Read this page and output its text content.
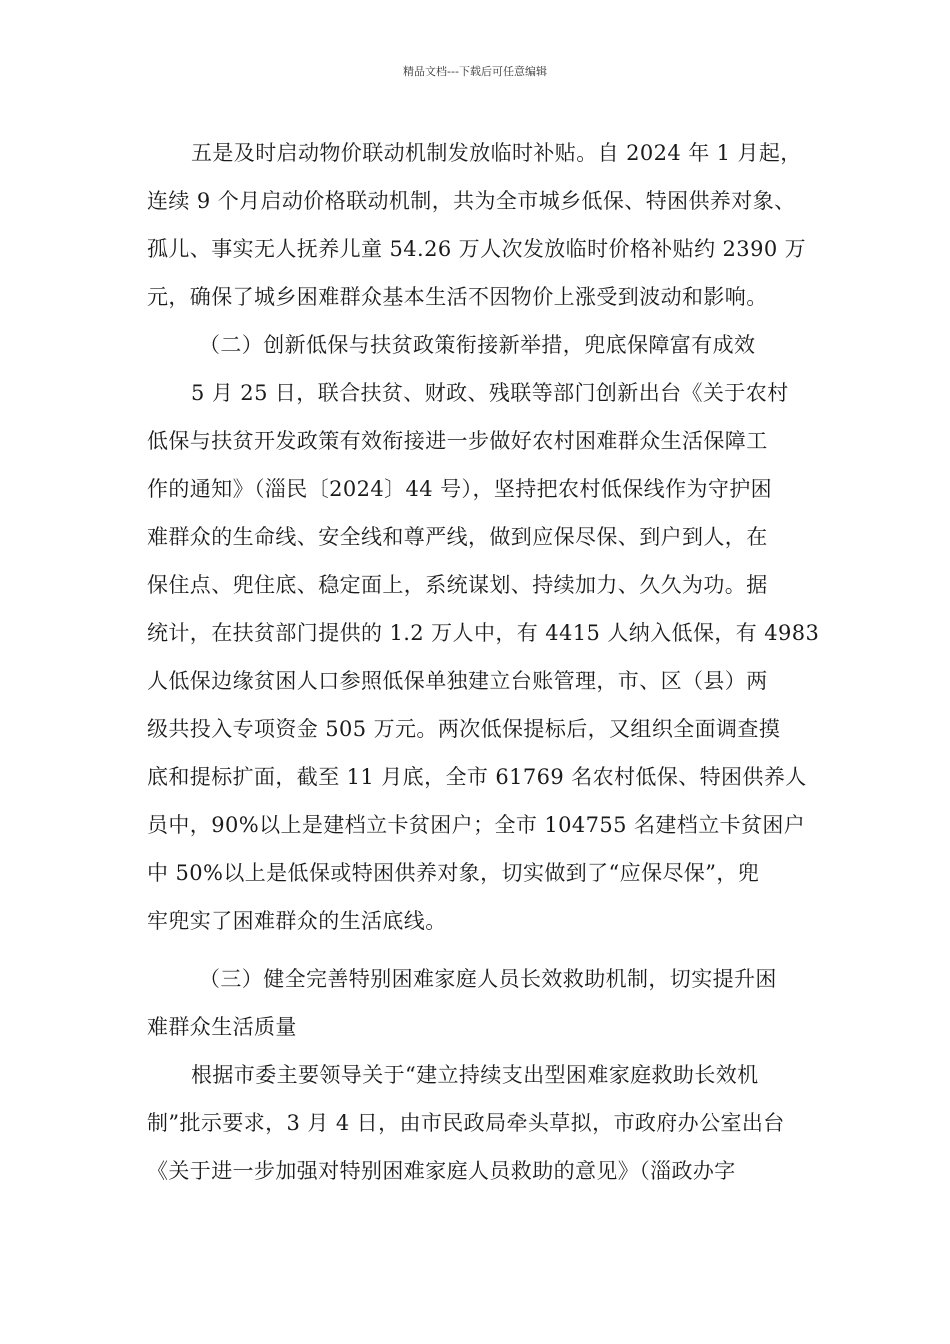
精品文档---下载后可任意编辑
五是及时启动物价联动机制发放临时补贴。自 2024 年 1 月起，
连续 9 个月启动价格联动机制，共为全市城乡低保、特困供养对象、
孤儿、事实无人抚养儿童 54.26 万人次发放临时价格补贴约 2390 万
元，确保了城乡困难群众基本生活不因物价上涨受到波动和影响。
（二）创新低保与扶贫政策衔接新举措，兜底保障富有成效
5 月 25 日，联合扶贫、财政、残联等部门创新出台《关于农村
低保与扶贫开发政策有效衔接进一步做好农村困难群众生活保障工
作的通知》（淄民〔2024〕44 号），坚持把农村低保线作为守护困
难群众的生命线、安全线和尊严线，做到应保尽保、到户到人，在
保住点、兜住底、稳定面上，系统谋划、持续加力、久久为功。据
统计，在扶贫部门提供的 1.2 万人中，有 4415 人纳入低保，有 4983
人低保边缘贫困人口参照低保单独建立台账管理，市、区（县）两
级共投入专项资金 505 万元。两次低保提标后，又组织全面调查摸
底和提标扩面，截至 11 月底，全市 61769 名农村低保、特困供养人
员中，90%以上是建档立卡贫困户；全市 104755 名建档立卡贫困户
中 50%以上是低保或特困供养对象，切实做到了“应保尽保”，兜
牢兜实了困难群众的生活底线。
（三）健全完善特别困难家庭人员长效救助机制，切实提升困
难群众生活质量
根据市委主要领导关于“建立持续支出型困难家庭救助长效机
制”批示要求，3 月 4 日，由市民政局牵头草拟，市政府办公室出台
《关于进一步加强对特别困难家庭人员救助的意见》（淄政办字
